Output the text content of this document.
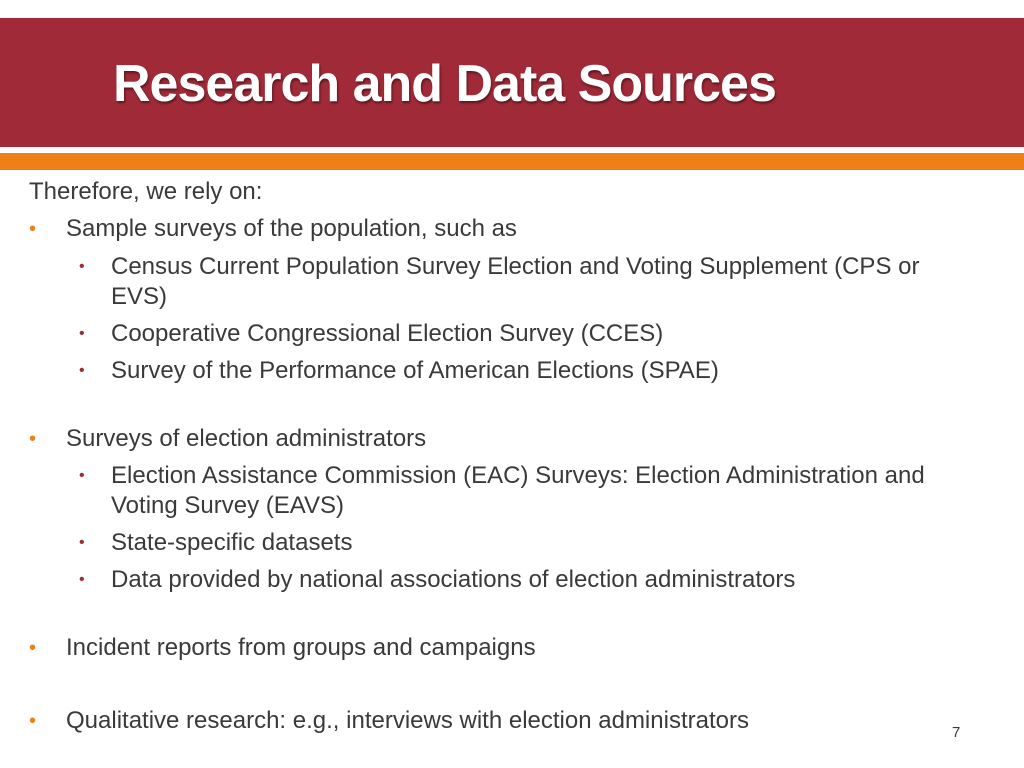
Research and Data Sources
Therefore, we rely on:
• Sample surveys of the population, such as
• Census Current Population Survey Election and Voting Supplement (CPS or
EVS)
• Cooperative Congressional Election Survey (CCES)
• Survey of the Performance of American Elections (SPAE)
• Surveys of election administrators
• Election Assistance Commission (EAC) Surveys: Election Administration and
Voting Survey (EAVS)
• State-specific datasets
• Data provided by national associations of election administrators
• Incident reports from groups and campaigns
• Qualitative research: e.g., interviews with election administrators	7
